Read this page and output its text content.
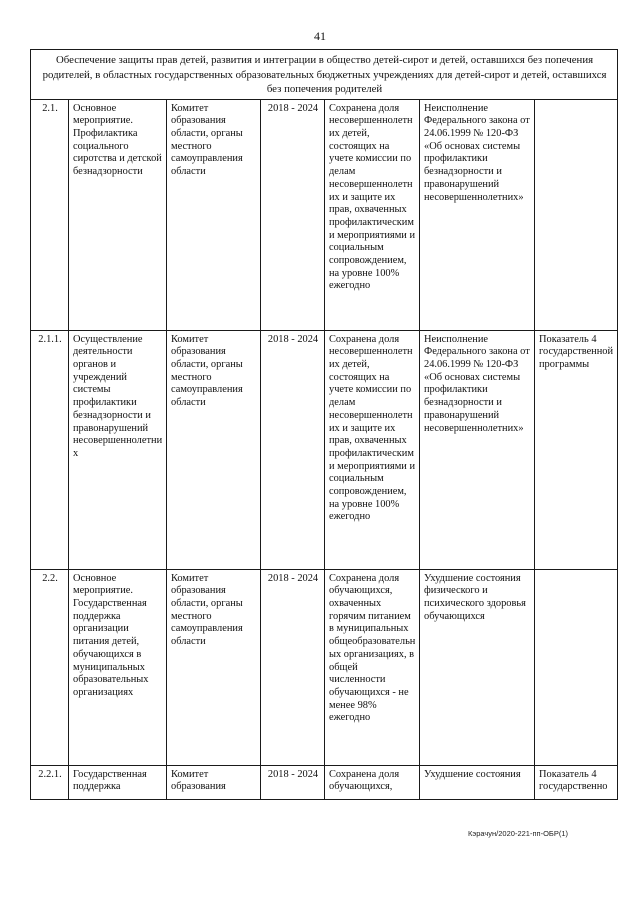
41
Обеспечение защиты прав детей, развития и интеграции в общество детей-сирот и детей, оставшихся без попечения родителей, в областных государственных образовательных бюджетных учреждениях для детей-сирот и детей, оставшихся без попечения родителей						
2.1.	Основное мероприятие. Профилактика социального сиротства и детской безнадзорности	Комитет образования области, органы местного самоуправления области	2018 - 2024	Сохранена доля несовершеннолетних детей, состоящих на учете комиссии по делам несовершеннолетних и защите их прав, охваченных профилактическими мероприятиями и социальным сопровождением, на уровне 100% ежегодно	Неисполнение Федерального закона от 24.06.1999 № 120-ФЗ «Об основах системы профилактики безнадзорности и правонарушений несовершеннолетних»	
2.1.1.	Осуществление деятельности органов и учреждений системы профилактики безнадзорности и правонарушений несовершеннолетних	Комитет образования области, органы местного самоуправления области	2018 - 2024	Сохранена доля несовершеннолетних детей, состоящих на учете комиссии по делам несовершеннолетних и защите их прав, охваченных профилактическими мероприятиями и социальным сопровождением, на уровне 100% ежегодно	Неисполнение Федерального закона от 24.06.1999 № 120-ФЗ «Об основах системы профилактики безнадзорности и правонарушений несовершеннолетних»	Показатель 4 государственной программы
2.2.	Основное мероприятие. Государственная поддержка организации питания детей, обучающихся в муниципальных образовательных организациях	Комитет образования области, органы местного самоуправления области	2018 - 2024	Сохранена доля обучающихся, охваченных горячим питанием в муниципальных общеобразовательных организациях, в общей численности обучающихся - не менее 98% ежегодно	Ухудшение состояния физического и психического здоровья обучающихся	
2.2.1.	Государственная поддержка	Комитет образования	2018 - 2024	Сохранена доля обучающихся,	Ухудшение состояния	Показатель 4 государственно
Кэрачун/2020-221-пп-ОБР(1)
